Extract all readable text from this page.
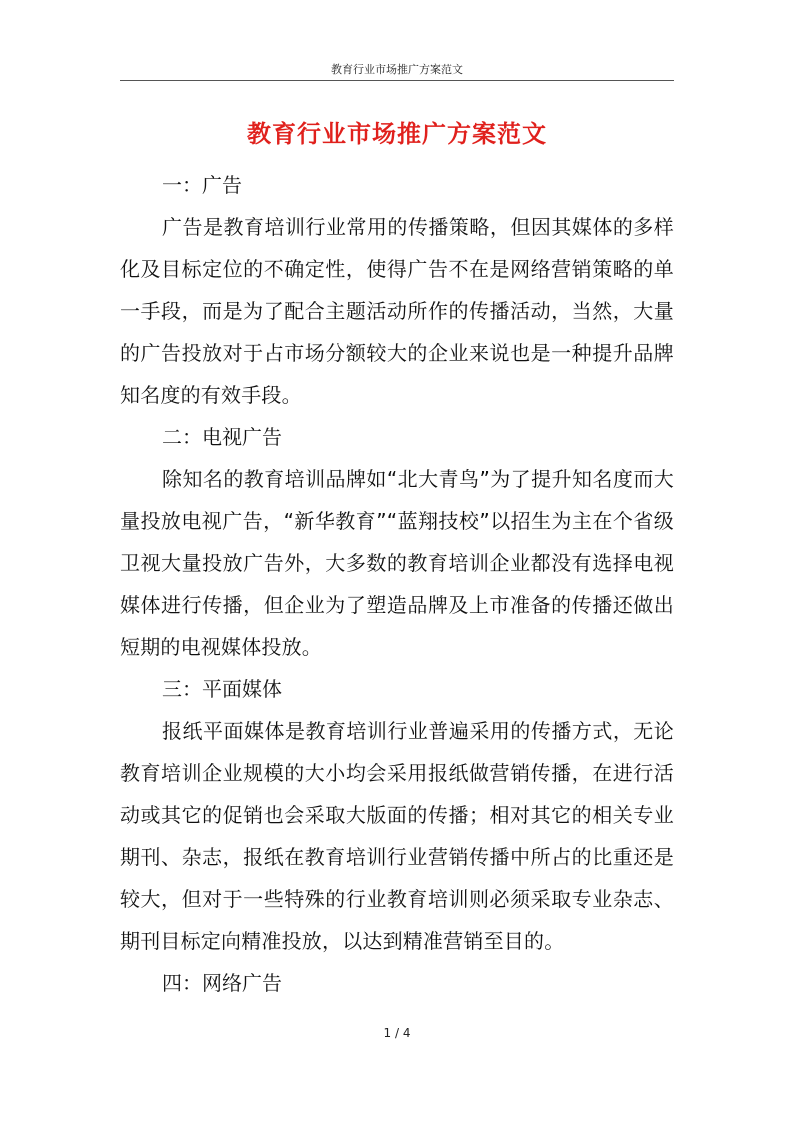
教育行业市场推广方案范文
教育行业市场推广方案范文

一：广告

广告是教育培训行业常用的传播策略，但因其媒体的多样化及目标定位的不确定性，使得广告不在是网络营销策略的单一手段，而是为了配合主题活动所作的传播活动，当然，大量的广告投放对于占市场分额较大的企业来说也是一种提升品牌知名度的有效手段。

二：电视广告

除知名的教育培训品牌如“北大青鸟”为了提升知名度而大量投放电视广告，“新华教育”“蓝翔技校”以招生为主在个省级卫视大量投放广告外，大多数的教育培训企业都没有选择电视媒体进行传播，但企业为了塑造品牌及上市准备的传播还做出短期的电视媒体投放。

三：平面媒体

报纸平面媒体是教育培训行业普遍采用的传播方式，无论教育培训企业规模的大小均会采用报纸做营销传播，在进行活动或其它的促销也会采取大版面的传播；相对其它的相关专业期刊、杂志，报纸在教育培训行业营销传播中所占的比重还是较大，但对于一些特殊的行业教育培训则必须采取专业杂志、期刊目标定向精准投放，以达到精准营销至目的。

四：网络广告

1 / 4
